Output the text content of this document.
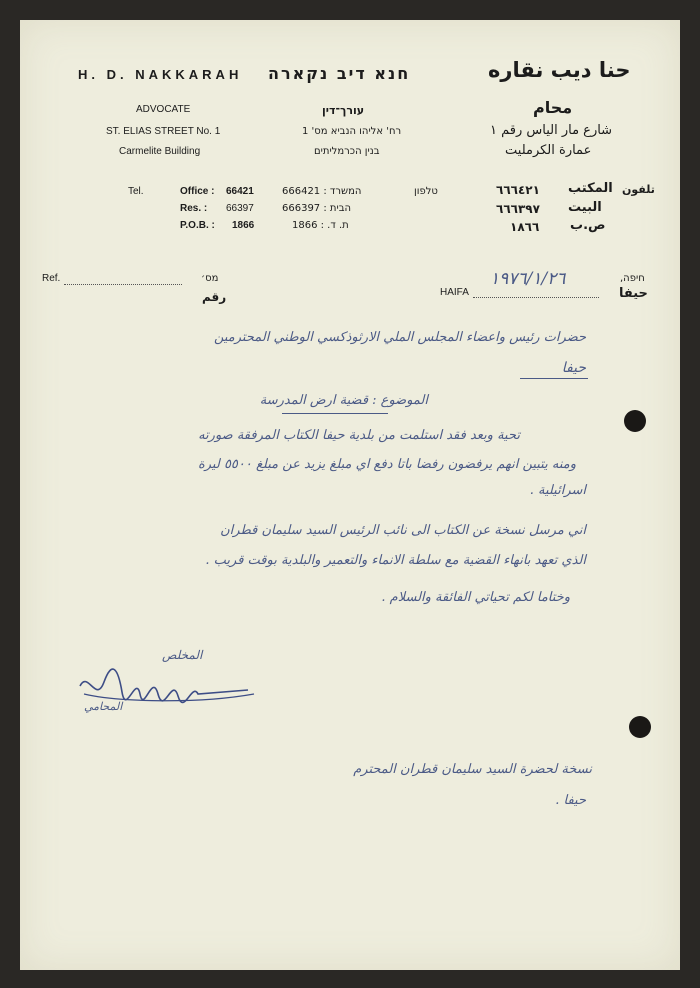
H. D. NAKKARAH חנא דיב נקארה	حنا ديب نقاره
ADVOCATE	עורך־דין	محام
ST. ELIAS STREET No. 1	רח' אליהו הנביא מס' 1	شارع مار الياس رقم ١
Carmelite Building	בנין הכרמליתים	عمارة الكرمليت
Tel.	Office : 66421
Res. : 66397
P.O.B. : 1866
666421 : המשרד
666397 : הבית
1866 : .ת. ד
טלפון	٦٦٦٤٢١ المكتب تلفون
٦٦٦٣٩٧ البيت
١٨٦٦ ص.ب
Ref.	מס׳
رقم	HAIFA
١٩٧٦/١/٢٦	חיפה,
حيفا
حضرات رئيس واعضاء المجلس الملي الارثوذكسي الوطني المحترمين
حيفا
الموضوع : قضية ارض المدرسة
تحية وبعد فقد استلمت من بلدية حيفا الكتاب المرفقة صورته
ومنه يتبين انهم يرفضون رفضا باتا دفع اي مبلغ يزيد عن مبلغ ٥٥٠٠ ليرة
اسرائيلية .
اني مرسل نسخة عن الكتاب الى نائب الرئيس السيد سليمان قطران
الذي تعهد بانهاء القضية مع سلطة الانماء والتعمير والبلدية بوقت قريب .
وختاما لكم تحياتي الفائقة والسلام .
المخلص
المحامي
نسخة لحضرة السيد سليمان قطران المحترم
حيفا .
